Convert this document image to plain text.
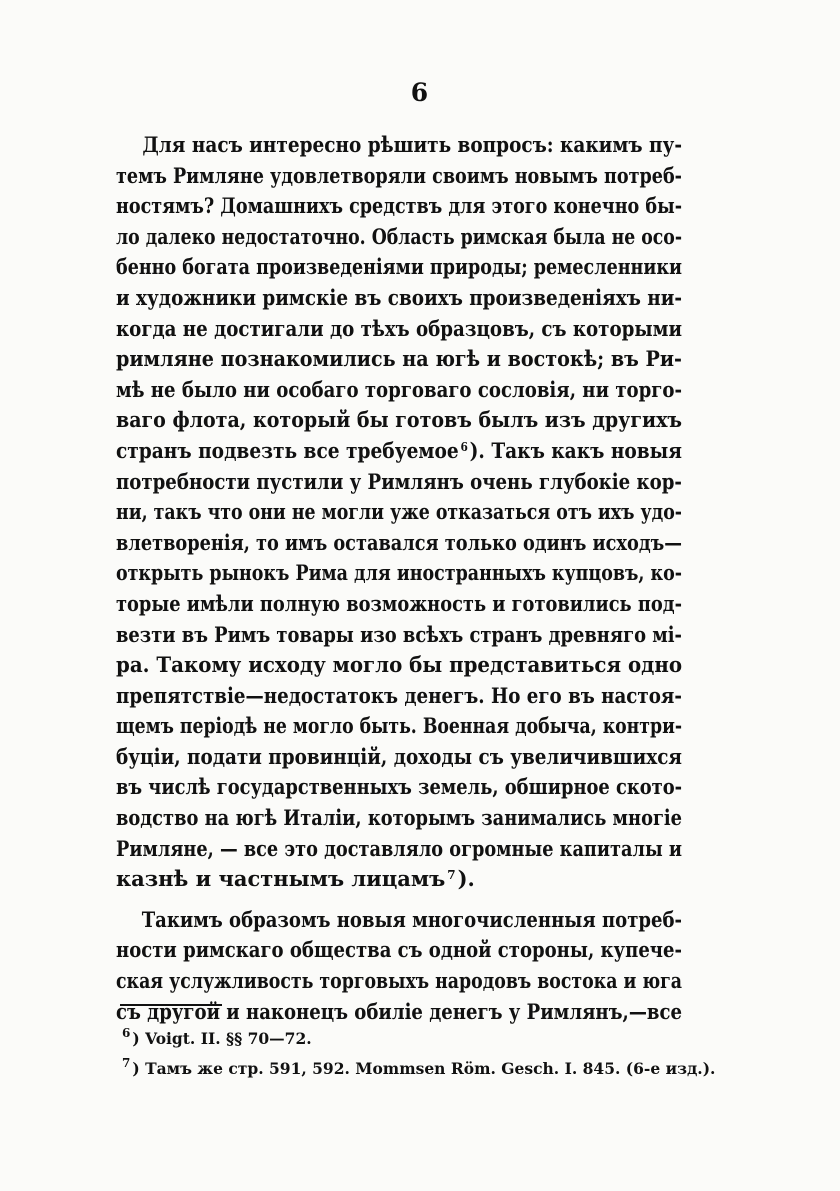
6
Для насъ интересно рѣшить вопросъ: какимъ пу-
темъ Римляне удовлетворяли своимъ новымъ потреб-
ностямъ? Домашнихъ средствъ для этого конечно бы-
ло далеко недостаточно. Область римская была не осо-
бенно богата произведеніями природы; ремесленники
и художники римскіе въ своихъ произведеніяхъ ни-
когда не достигали до тѣхъ образцовъ, съ которыми
римляне познакомились на югѣ и востокѣ; въ Ри-
мѣ не было ни особаго торговаго сословія, ни торго-
ваго флота, который бы готовъ былъ изъ другихъ
странъ подвезть все требуемое $^6$). Такъ какъ новыя
потребности пустили у Римлянъ очень глубокіе кор-
ни, такъ что они не могли уже отказаться отъ ихъ удо-
влетворенія, то имъ оставался только одинъ исходъ—
открыть рынокъ Рима для иностранныхъ купцовъ, ко-
торые имѣли полную возможность и готовились под-
везти въ Римъ товары изо всѣхъ странъ древняго мі-
ра. Такому исходу могло бы представиться одно
препятствіе—недостатокъ денегъ. Но его въ настоя-
щемъ періодѣ не могло быть. Военная добыча, контри-
буціи, подати провинцій, доходы съ увеличившихся
въ числѣ государственныхъ земель, обширное ското-
водство на югѣ Италіи, которымъ занимались многіе
Римляне, — все это доставляло огромные капиталы и
казнѣ и частнымъ лицамъ $^7$).
Такимъ образомъ новыя многочисленныя потреб-
ности римскаго общества съ одной стороны, купече-
ская услужливость торговыхъ народовъ востока и юга
съ другой и наконецъ обиліе денегъ у Римлянъ,—все
$^6$ ) Voigt. II. §§ 70—72.
$^7$ ) Тамъ же стр. 591, 592. Mommsen Röm. Gesch. I. 845. (6-е изд.).
